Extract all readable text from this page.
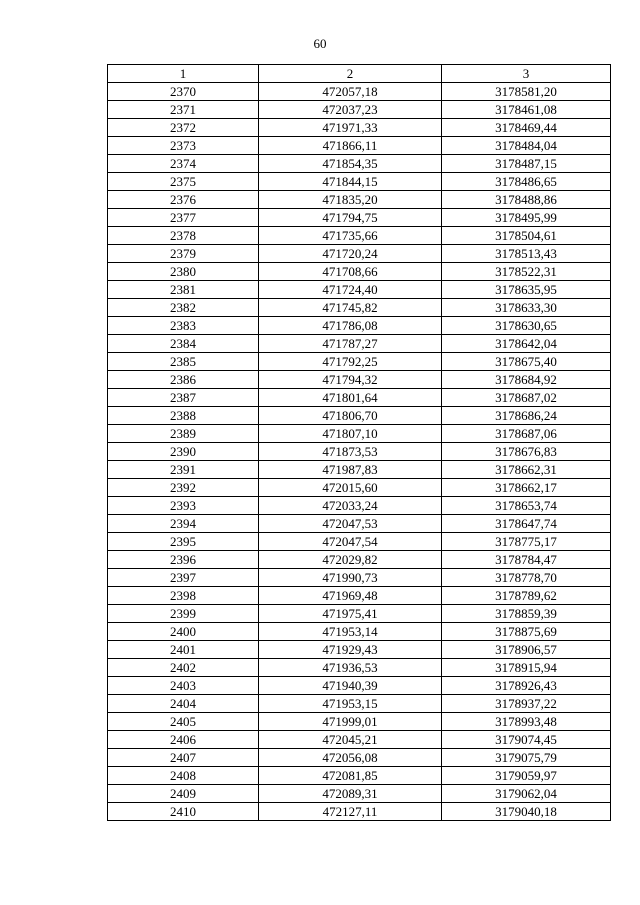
60
1	2	3
2370	472057,18	3178581,20
2371	472037,23	3178461,08
2372	471971,33	3178469,44
2373	471866,11	3178484,04
2374	471854,35	3178487,15
2375	471844,15	3178486,65
2376	471835,20	3178488,86
2377	471794,75	3178495,99
2378	471735,66	3178504,61
2379	471720,24	3178513,43
2380	471708,66	3178522,31
2381	471724,40	3178635,95
2382	471745,82	3178633,30
2383	471786,08	3178630,65
2384	471787,27	3178642,04
2385	471792,25	3178675,40
2386	471794,32	3178684,92
2387	471801,64	3178687,02
2388	471806,70	3178686,24
2389	471807,10	3178687,06
2390	471873,53	3178676,83
2391	471987,83	3178662,31
2392	472015,60	3178662,17
2393	472033,24	3178653,74
2394	472047,53	3178647,74
2395	472047,54	3178775,17
2396	472029,82	3178784,47
2397	471990,73	3178778,70
2398	471969,48	3178789,62
2399	471975,41	3178859,39
2400	471953,14	3178875,69
2401	471929,43	3178906,57
2402	471936,53	3178915,94
2403	471940,39	3178926,43
2404	471953,15	3178937,22
2405	471999,01	3178993,48
2406	472045,21	3179074,45
2407	472056,08	3179075,79
2408	472081,85	3179059,97
2409	472089,31	3179062,04
2410	472127,11	3179040,18
